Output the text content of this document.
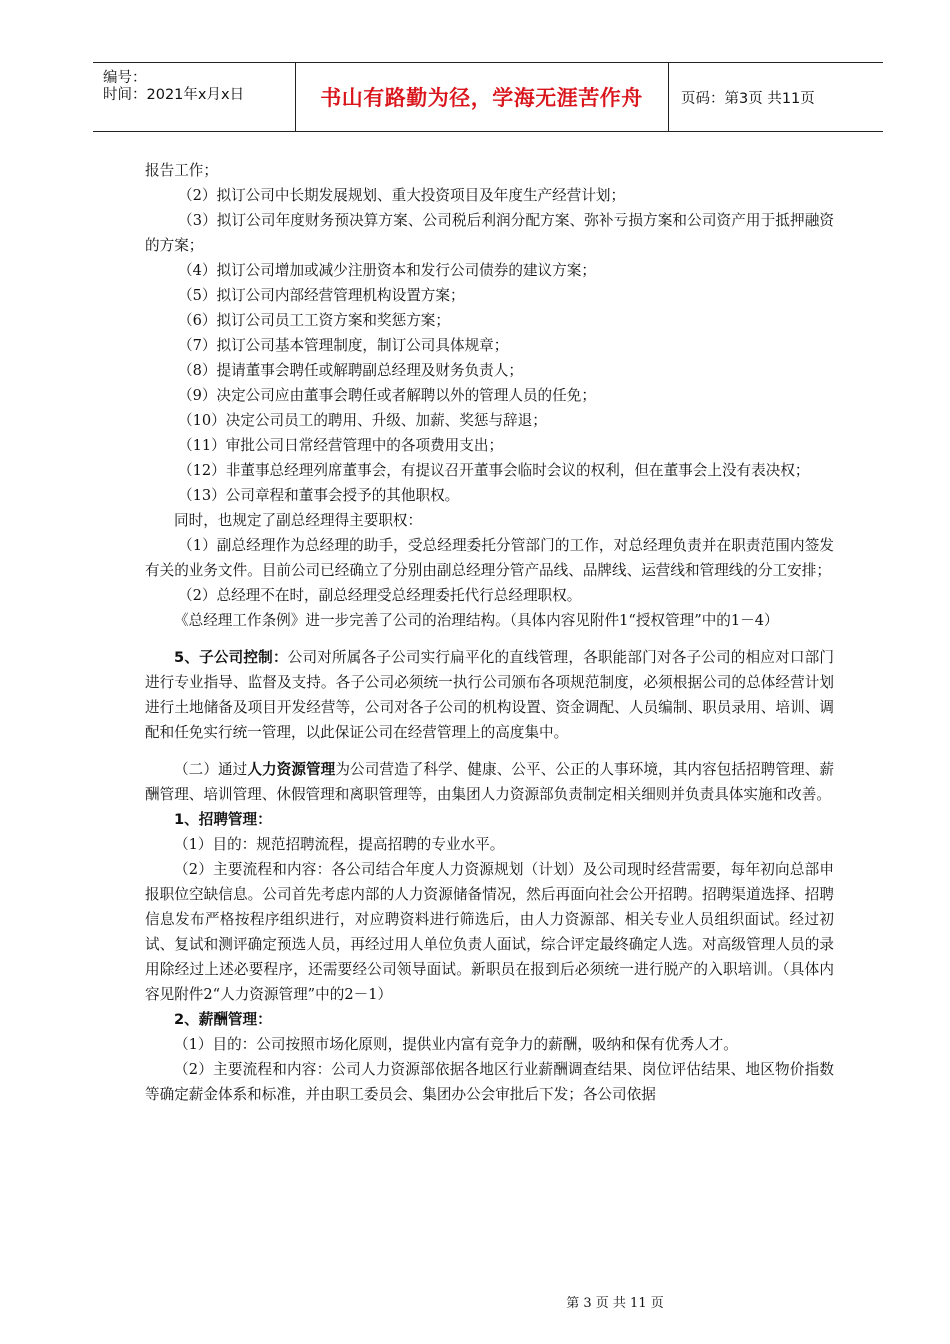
编号：
时间：2021年x月x日	书山有路勤为径，学海无涯苦作舟	页码：第3页 共11页

报告工作；

（2）拟订公司中长期发展规划、重大投资项目及年度生产经营计划；

（3）拟订公司年度财务预决算方案、公司税后利润分配方案、弥补亏损方案和公司资产用于抵押融资的方案；

（4）拟订公司增加或减少注册资本和发行公司债券的建议方案；

（5）拟订公司内部经营管理机构设置方案；

（6）拟订公司员工工资方案和奖惩方案；

（7）拟订公司基本管理制度，制订公司具体规章；

（8）提请董事会聘任或解聘副总经理及财务负责人；

（9）决定公司应由董事会聘任或者解聘以外的管理人员的任免；

（10）决定公司员工的聘用、升级、加薪、奖惩与辞退；

（11）审批公司日常经营管理中的各项费用支出；

（12）非董事总经理列席董事会，有提议召开董事会临时会议的权利，但在董事会上没有表决权；

（13）公司章程和董事会授予的其他职权。

同时，也规定了副总经理得主要职权：

（1）副总经理作为总经理的助手，受总经理委托分管部门的工作，对总经理负责并在职责范围内签发有关的业务文件。目前公司已经确立了分别由副总经理分管产品线、品牌线、运营线和管理线的分工安排；

（2）总经理不在时，副总经理受总经理委托代行总经理职权。

《总经理工作条例》进一步完善了公司的治理结构。（具体内容见附件1“授权管理”中的1－4）

5、子公司控制：公司对所属各子公司实行扁平化的直线管理，各职能部门对各子公司的相应对口部门进行专业指导、监督及支持。各子公司必须统一执行公司颁布各项规范制度，必须根据公司的总体经营计划进行土地储备及项目开发经营等，公司对各子公司的机构设置、资金调配、人员编制、职员录用、培训、调配和任免实行统一管理，以此保证公司在经营管理上的高度集中。

（二）通过人力资源管理为公司营造了科学、健康、公平、公正的人事环境，其内容包括招聘管理、薪酬管理、培训管理、休假管理和离职管理等，由集团人力资源部负责制定相关细则并负责具体实施和改善。

1、招聘管理：

（1）目的：规范招聘流程，提高招聘的专业水平。

（2）主要流程和内容：各公司结合年度人力资源规划（计划）及公司现时经营需要，每年初向总部申报职位空缺信息。公司首先考虑内部的人力资源储备情况，然后再面向社会公开招聘。招聘渠道选择、招聘信息发布严格按程序组织进行，对应聘资料进行筛选后，由人力资源部、相关专业人员组织面试。经过初试、复试和测评确定预选人员，再经过用人单位负责人面试，综合评定最终确定人选。对高级管理人员的录用除经过上述必要程序，还需要经公司领导面试。新职员在报到后必须统一进行脱产的入职培训。（具体内容见附件2“人力资源管理”中的2－1）

2、薪酬管理：

（1）目的：公司按照市场化原则，提供业内富有竞争力的薪酬，吸纳和保有优秀人才。

（2）主要流程和内容：公司人力资源部依据各地区行业薪酬调查结果、岗位评估结果、地区物价指数等确定薪金体系和标准，并由职工委员会、集团办公会审批后下发；各公司依据

第 3 页 共 11 页
